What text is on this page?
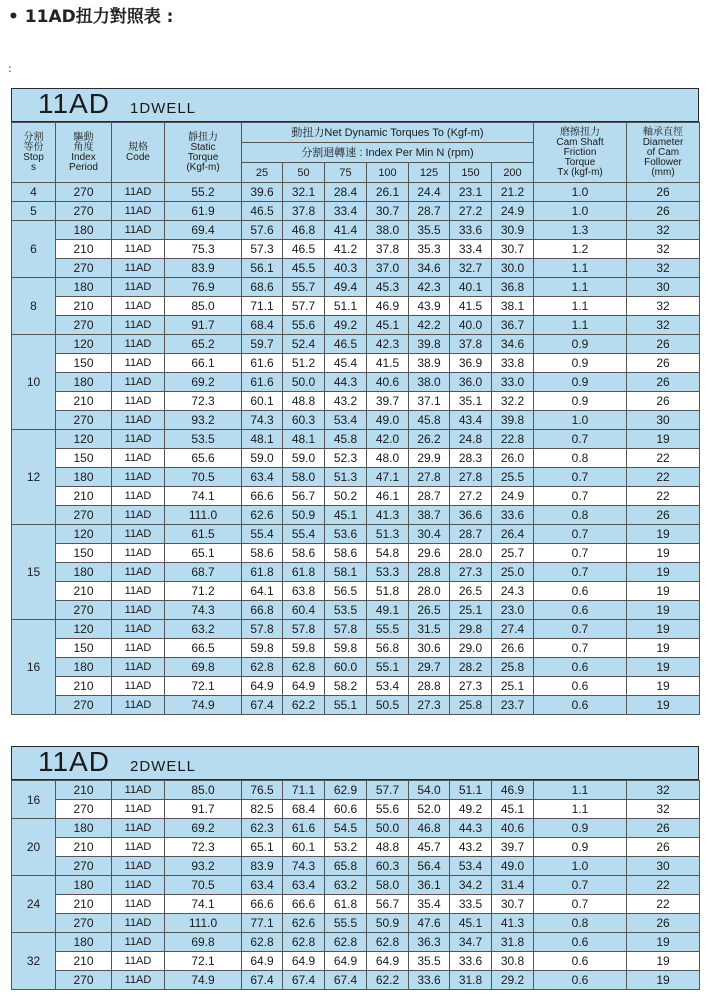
• 11AD扭力對照表 :

:

11AD 1DWELL
分割
等份
Stop
s	驅動
角度
Index
Period	規格
Code	靜扭力
Static
Torque
(Kgf-m)	動扭力Net Dynamic Torques To (Kgf-m)							磨擦扭力
Cam Shaft
Friction
Torque
Tx (kgf-m)	軸承直徑
Diameter
of Cam
Follower
(mm)

				分割迴轉速 : Index Per Min N (rpm)								
				25	50	75	100	125	150	200		
4	270	11AD	55.2	39.6	32.1	28.4	26.1	24.4	23.1	21.2	1.0	26
5	270	11AD	61.9	46.5	37.8	33.4	30.7	28.7	27.2	24.9	1.0	26
6	180	11AD	69.4	57.6	46.8	41.4	38.0	35.5	33.6	30.9	1.3	32
	210	11AD	75.3	57.3	46.5	41.2	37.8	35.3	33.4	30.7	1.2	32
	270	11AD	83.9	56.1	45.5	40.3	37.0	34.6	32.7	30.0	1.1	32
8	180	11AD	76.9	68.6	55.7	49.4	45.3	42.3	40.1	36.8	1.1	30
	210	11AD	85.0	71.1	57.7	51.1	46.9	43.9	41.5	38.1	1.1	32
	270	11AD	91.7	68.4	55.6	49.2	45.1	42.2	40.0	36.7	1.1	32
10	120	11AD	65.2	59.7	52.4	46.5	42.3	39.8	37.8	34.6	0.9	26
	150	11AD	66.1	61.6	51.2	45.4	41.5	38.9	36.9	33.8	0.9	26
	180	11AD	69.2	61.6	50.0	44.3	40.6	38.0	36.0	33.0	0.9	26
	210	11AD	72.3	60.1	48.8	43.2	39.7	37.1	35.1	32.2	0.9	26
	270	11AD	93.2	74.3	60.3	53.4	49.0	45.8	43.4	39.8	1.0	30
12	120	11AD	53.5	48.1	48.1	45.8	42.0	26.2	24.8	22.8	0.7	19
	150	11AD	65.6	59.0	59.0	52.3	48.0	29.9	28.3	26.0	0.8	22
	180	11AD	70.5	63.4	58.0	51.3	47.1	27.8	27.8	25.5	0.7	22
	210	11AD	74.1	66.6	56.7	50.2	46.1	28.7	27.2	24.9	0.7	22
	270	11AD	111.0	62.6	50.9	45.1	41.3	38.7	36.6	33.6	0.8	26
15	120	11AD	61.5	55.4	55.4	53.6	51.3	30.4	28.7	26.4	0.7	19
	150	11AD	65.1	58.6	58.6	58.6	54.8	29.6	28.0	25.7	0.7	19
	180	11AD	68.7	61.8	61.8	58.1	53.3	28.8	27.3	25.0	0.7	19
	210	11AD	71.2	64.1	63.8	56.5	51.8	28.0	26.5	24.3	0.6	19
	270	11AD	74.3	66.8	60.4	53.5	49.1	26.5	25.1	23.0	0.6	19
16	120	11AD	63.2	57.8	57.8	57.8	55.5	31.5	29.8	27.4	0.7	19
	150	11AD	66.5	59.8	59.8	59.8	56.8	30.6	29.0	26.6	0.7	19
	180	11AD	69.8	62.8	62.8	60.0	55.1	29.7	28.2	25.8	0.6	19
	210	11AD	72.1	64.9	64.9	58.2	53.4	28.8	27.3	25.1	0.6	19
	270	11AD	74.9	67.4	62.2	55.1	50.5	27.3	25.8	23.7	0.6	19
11AD 2DWELL
16	210	11AD	85.0	76.5	71.1	62.9	57.7	54.0	51.1	46.9	1.1	32
	270	11AD	91.7	82.5	68.4	60.6	55.6	52.0	49.2	45.1	1.1	32
20	180	11AD	69.2	62.3	61.6	54.5	50.0	46.8	44.3	40.6	0.9	26
	210	11AD	72.3	65.1	60.1	53.2	48.8	45.7	43.2	39.7	0.9	26
	270	11AD	93.2	83.9	74.3	65.8	60.3	56.4	53.4	49.0	1.0	30
24	180	11AD	70.5	63.4	63.4	63.2	58.0	36.1	34.2	31.4	0.7	22
	210	11AD	74.1	66.6	66.6	61.8	56.7	35.4	33.5	30.7	0.7	22
	270	11AD	111.0	77.1	62.6	55.5	50.9	47.6	45.1	41.3	0.8	26
32	180	11AD	69.8	62.8	62.8	62.8	62.8	36.3	34.7	31.8	0.6	19
	210	11AD	72.1	64.9	64.9	64.9	64.9	35.5	33.6	30.8	0.6	19
	270	11AD	74.9	67.4	67.4	67.4	62.2	33.6	31.8	29.2	0.6	19
